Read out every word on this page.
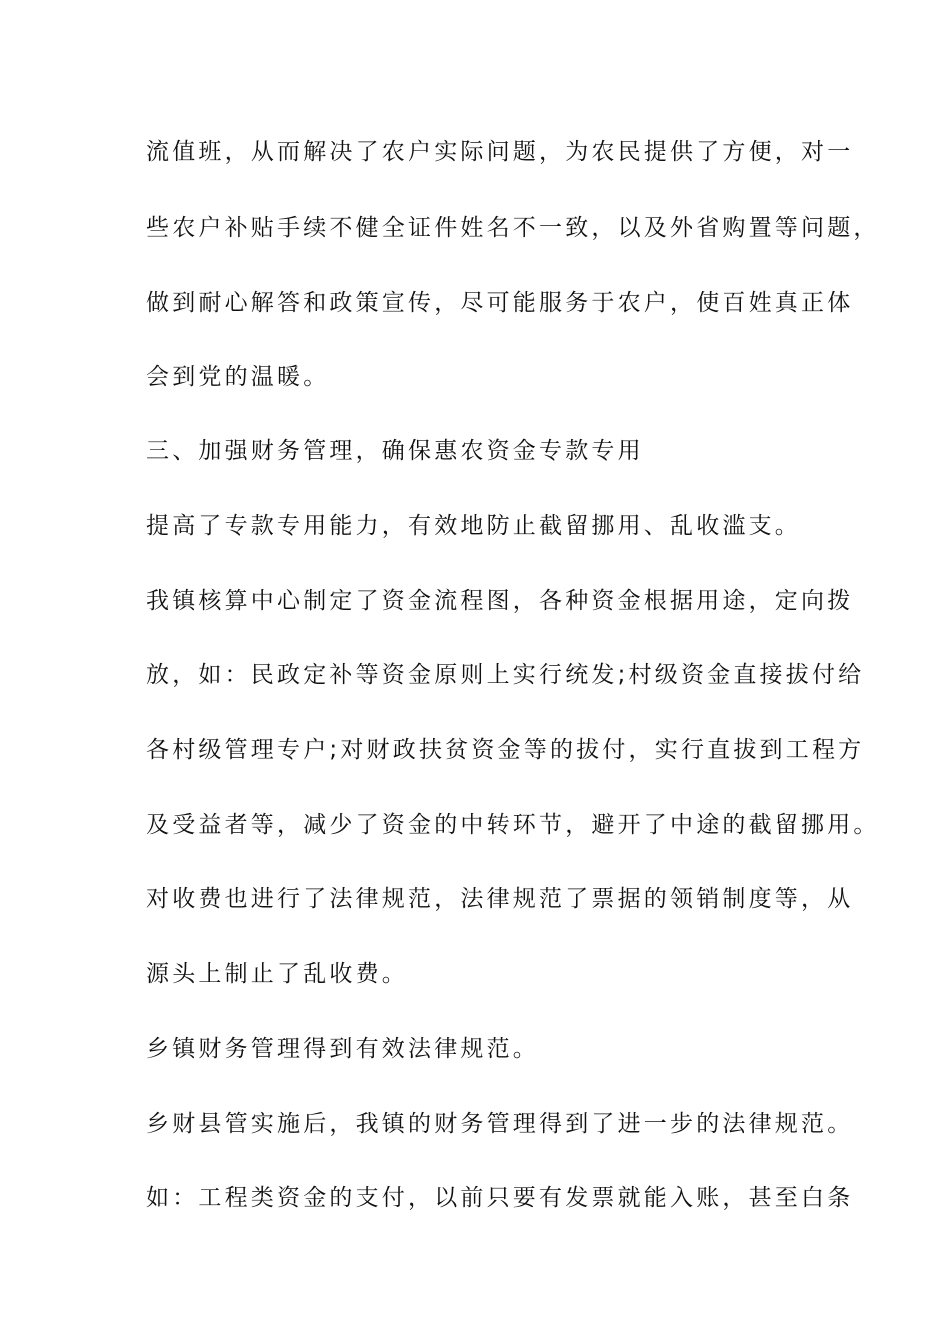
流值班，从而解决了农户实际问题，为农民提供了方便，对一
些农户补贴手续不健全证件姓名不一致，以及外省购置等问题，
做到耐心解答和政策宣传，尽可能服务于农户，使百姓真正体
会到党的温暖。
三、加强财务管理，确保惠农资金专款专用
提高了专款专用能力，有效地防止截留挪用、乱收滥支。
我镇核算中心制定了资金流程图，各种资金根据用途，定向拨
放，如：民政定补等资金原则上实行统发;村级资金直接拔付给
各村级管理专户;对财政扶贫资金等的拔付，实行直拔到工程方
及受益者等，减少了资金的中转环节，避开了中途的截留挪用。
对收费也进行了法律规范，法律规范了票据的领销制度等，从
源头上制止了乱收费。
乡镇财务管理得到有效法律规范。
乡财县管实施后，我镇的财务管理得到了进一步的法律规范。
如：工程类资金的支付，以前只要有发票就能入账，甚至白条
